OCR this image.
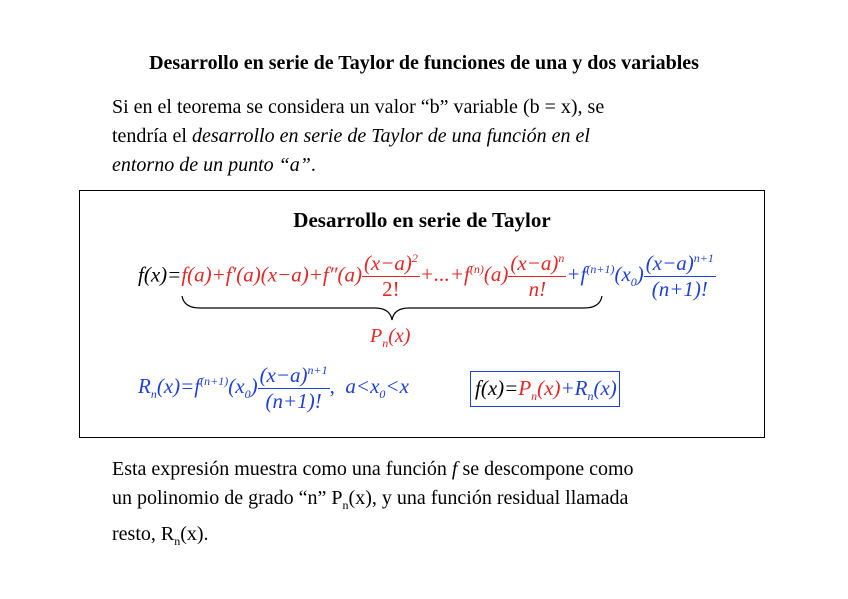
Desarrollo en serie de Taylor de funciones de una y dos variables
Si en el teorema se considera un valor “b” variable (b = x), se
tendría el desarrollo en serie de Taylor de una función en el
entorno de un punto “a”.
Desarrollo en serie de Taylor
$f(x)=f(a)+f'(a)(x-a)+f''(a) \frac{(x-a)^2}{2!} +...+f^{(n)}(a) \frac{(x-a)^n}{n!} +f^{(n+1)}(x_0) \frac{(x-a)^{n+1}}{(n+1)!}$
$P_n(x)$
$R_n(x)=f^{(n+1)}(x_0) \frac{(x-a)^{n+1}}{(n+1)!}$ ,  $a<x_0<x$	$f(x)=P_n(x)+R_n(x)$
Esta expresión muestra como una función f se descompone como
un polinomio de grado “n” $P_n(x)$, y una función residual llamada
resto, $R_n(x)$.
